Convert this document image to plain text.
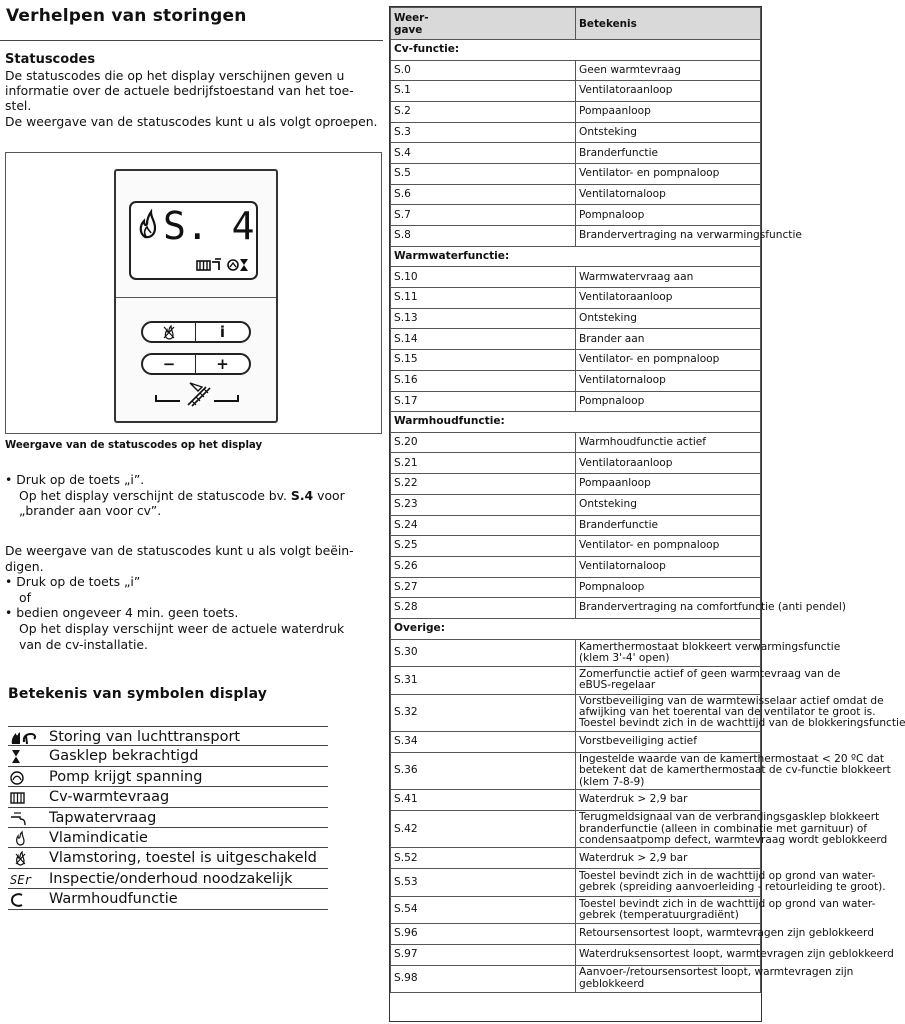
Verhelpen van storingen
Statuscodes
De statuscodes die op het display verschijnen geven u
informatie over de actuele bedrijfstoestand van het toe-
stel.
De weergave van de statuscodes kunt u als volgt oproepen.
S. 4
i
−	+
Weergave van de statuscodes op het display
• Druk op de toets „i”.
Op het display verschijnt de statuscode bv. S.4 voor
„brander aan voor cv”.
De weergave van de statuscodes kunt u als volgt beëin-
digen.
• Druk op de toets „i”
of
• bedien ongeveer 4 min. geen toets.
Op het display verschijnt weer de actuele waterdruk
van de cv-installatie.
Betekenis van symbolen display
Storing van luchttransport
Gasklep bekrachtigd
Pomp krijgt spanning
Cv-warmtevraag
Tapwatervraag
Vlamindicatie
Vlamstoring, toestel is uitgeschakeld
SEr Inspectie/onderhoud noodzakelijk
Warmhoudfunctie
Weer-
gave	Betekenis
Cv-functie:	
S.0	Geen warmtevraag

S.1	Ventilatoraanloop

S.2	Pompaanloop

S.3	Ontsteking

S.4	Branderfunctie

S.5	Ventilator- en pompnaloop

S.6	Ventilatornaloop

S.7	Pompnaloop

S.8	Brandervertraging na verwarmingsfunctie

Warmwaterfunctie:	
S.10	Warmwatervraag aan

S.11	Ventilatoraanloop

S.13	Ontsteking

S.14	Brander aan

S.15	Ventilator- en pompnaloop

S.16	Ventilatornaloop

S.17	Pompnaloop

Warmhoudfunctie:	
S.20	Warmhoudfunctie actief

S.21	Ventilatoraanloop

S.22	Pompaanloop

S.23	Ontsteking

S.24	Branderfunctie

S.25	Ventilator- en pompnaloop

S.26	Ventilatornaloop

S.27	Pompnaloop

S.28	Brandervertraging na comfortfunctie (anti pendel)

Overige:	
S.30	Kamerthermostaat blokkeert verwarmingsfunctie
(klem 3'-4' open)

S.31	Zomerfunctie actief of geen warmtevraag van de
eBUS-regelaar

S.32	Vorstbeveiliging van de warmtewisselaar actief omdat de
afwijking van het toerental van de ventilator te groot is.
Toestel bevindt zich in de wachttijd van de blokkeringsfunctie

S.34	Vorstbeveiliging actief

S.36	Ingestelde waarde van de kamerthermostaat < 20 ºC dat
betekent dat de kamerthermostaat de cv-functie blokkeert
(klem 7-8-9)

S.41	Waterdruk > 2,9 bar

S.42	Terugmeldsignaal van de verbrandingsgasklep blokkeert
branderfunctie (alleen in combinatie met garnituur) of
condensaatpomp defect, warmtevraag wordt geblokkeerd

S.52	Waterdruk > 2,9 bar

S.53	Toestel bevindt zich in de wachttijd op grond van water-
gebrek (spreiding aanvoerleiding - retourleiding te groot).

S.54	Toestel bevindt zich in de wachttijd op grond van water-
gebrek (temperatuurgradiënt)

S.96	Retoursensortest loopt, warmtevragen zijn geblokkeerd

S.97	Waterdruksensortest loopt, warmtevragen zijn geblokkeerd

S.98	Aanvoer-/retoursensortest loopt, warmtevragen zijn
geblokkeerd
